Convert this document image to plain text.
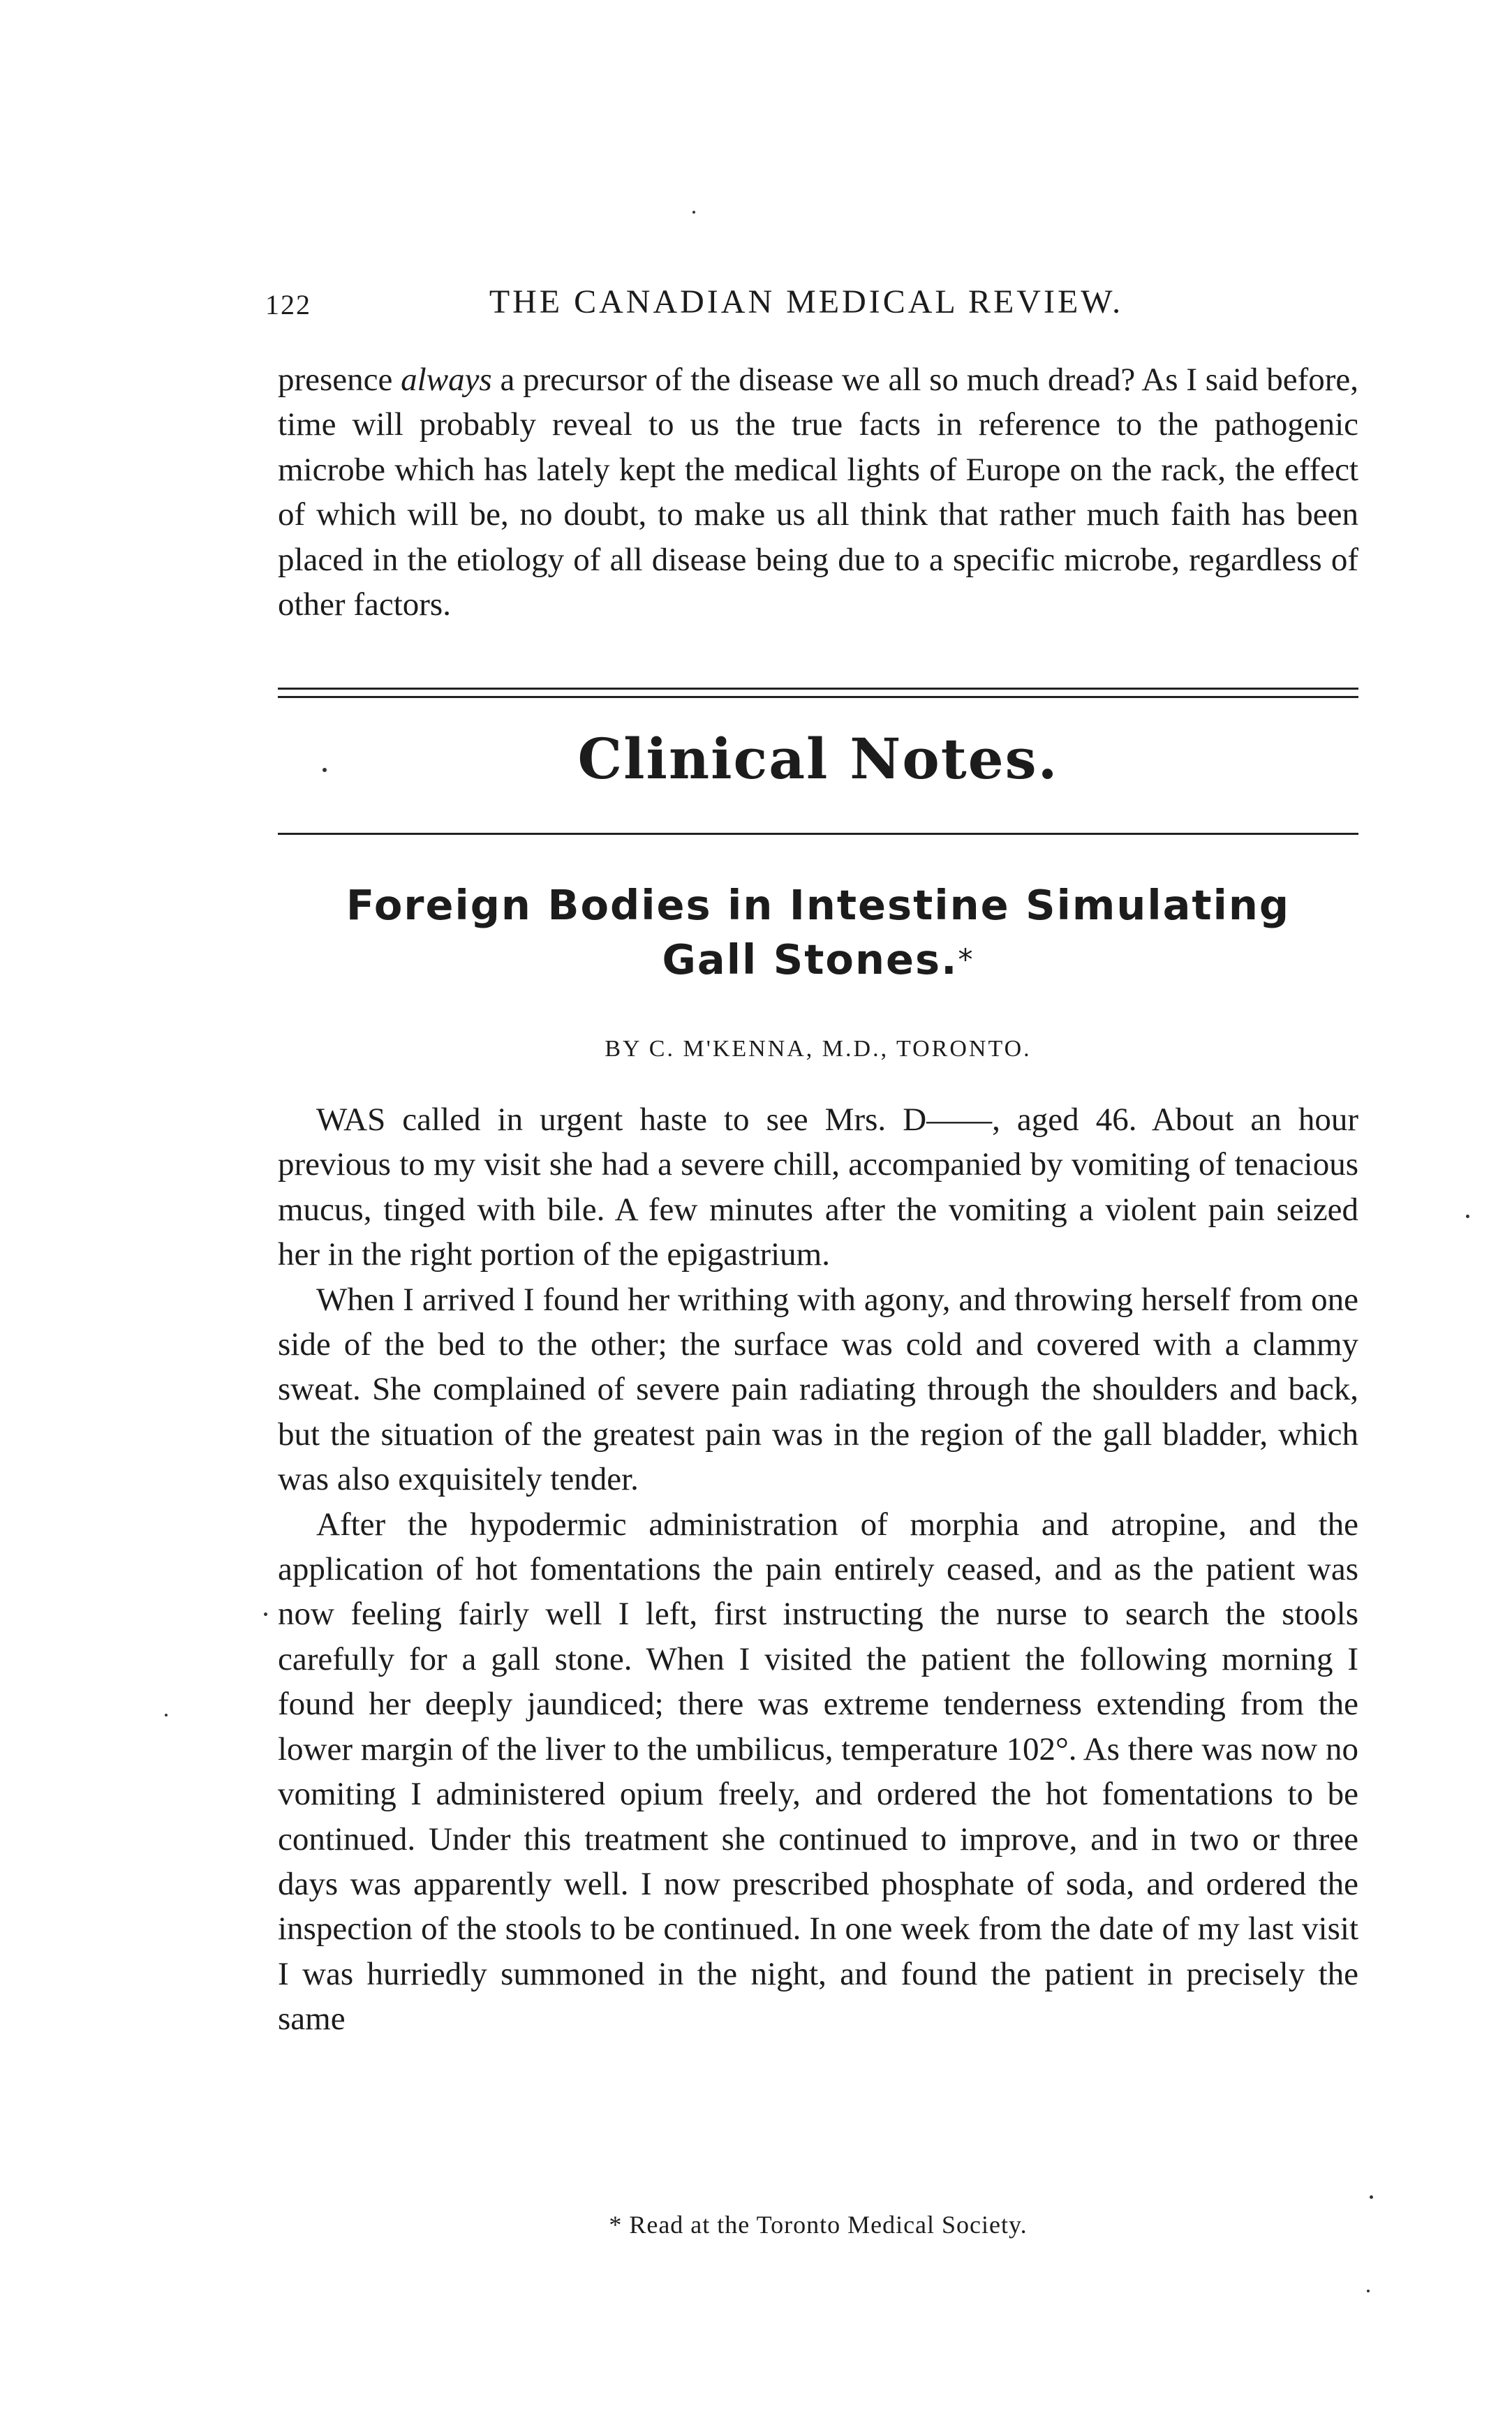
122	THE CANADIAN MEDICAL REVIEW.

presence always a precursor of the disease we all so much dread? As I said before, time will probably reveal to us the true facts in reference to the pathogenic microbe which has lately kept the medical lights of Europe on the rack, the effect of which will be, no doubt, to make us all think that rather much faith has been placed in the etiology of all disease being due to a specific microbe, regardless of other factors.

Clinical Notes.
Foreign Bodies in Intestine Simulating
Gall Stones.*
BY C. M'KENNA, M.D., TORONTO.

WAS called in urgent haste to see Mrs. D——, aged 46. About an hour previous to my visit she had a severe chill, accompanied by vomiting of tenacious mucus, tinged with bile. A few minutes after the vomiting a violent pain seized her in the right portion of the epigastrium.

When I arrived I found her writhing with agony, and throwing herself from one side of the bed to the other; the surface was cold and covered with a clammy sweat. She complained of severe pain radiating through the shoulders and back, but the situation of the greatest pain was in the region of the gall bladder, which was also exquisitely tender.

After the hypodermic administration of morphia and atropine, and the application of hot fomentations the pain entirely ceased, and as the patient was now feeling fairly well I left, first instructing the nurse to search the stools carefully for a gall stone. When I visited the patient the following morning I found her deeply jaundiced; there was extreme tenderness extending from the lower margin of the liver to the umbilicus, temperature 102°. As there was now no vomiting I administered opium freely, and ordered the hot fomentations to be continued. Under this treatment she continued to improve, and in two or three days was apparently well. I now prescribed phosphate of soda, and ordered the inspection of the stools to be continued. In one week from the date of my last visit I was hurriedly summoned in the night, and found the patient in precisely the same

* Read at the Toronto Medical Society.
